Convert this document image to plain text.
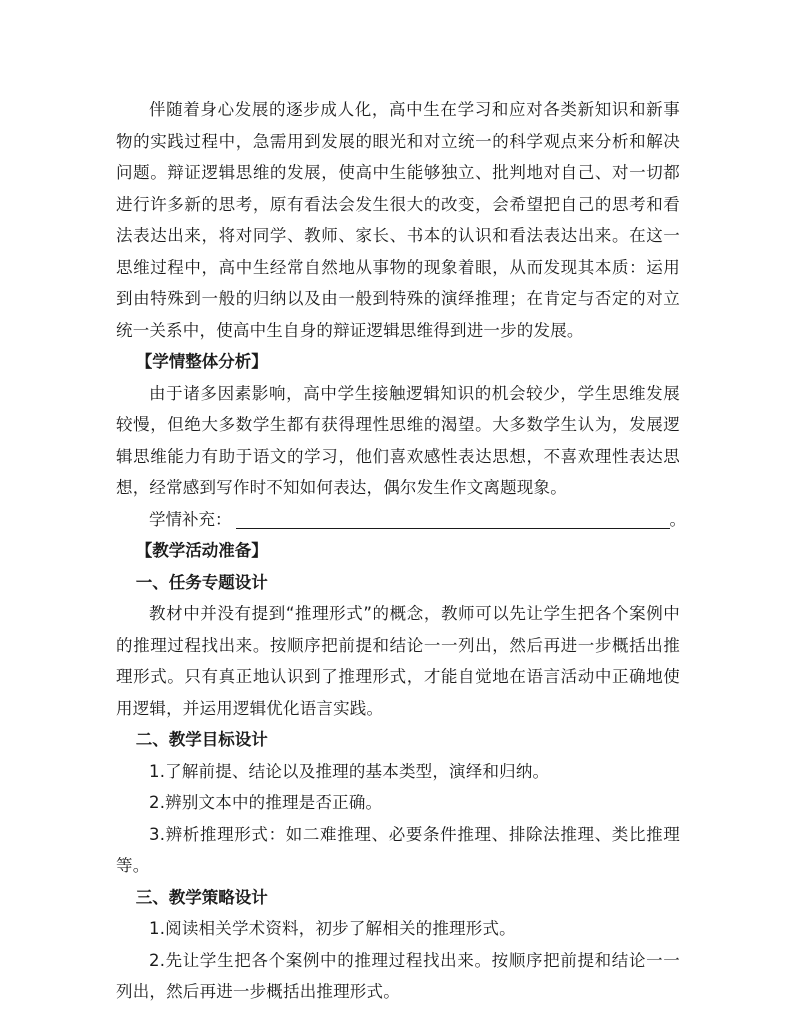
伴随着身心发展的逐步成人化，高中生在学习和应对各类新知识和新事物的实践过程中，急需用到发展的眼光和对立统一的科学观点来分析和解决问题。辩证逻辑思维的发展，使高中生能够独立、批判地对自己、对一切都进行许多新的思考，原有看法会发生很大的改变，会希望把自己的思考和看法表达出来，将对同学、教师、家长、书本的认识和看法表达出来。在这一思维过程中，高中生经常自然地从事物的现象着眼，从而发现其本质：运用到由特殊到一般的归纳以及由一般到特殊的演绎推理；在肯定与否定的对立统一关系中，使高中生自身的辩证逻辑思维得到进一步的发展。

【学情整体分析】

由于诸多因素影响，高中学生接触逻辑知识的机会较少，学生思维发展较慢，但绝大多数学生都有获得理性思维的渴望。大多数学生认为，发展逻辑思维能力有助于语文的学习，他们喜欢感性表达思想，不喜欢理性表达思想，经常感到写作时不知如何表达，偶尔发生作文离题现象。

学情补充：	。

【教学活动准备】

一、任务专题设计

教材中并没有提到“推理形式”的概念，教师可以先让学生把各个案例中的推理过程找出来。按顺序把前提和结论一一列出，然后再进一步概括出推理形式。只有真正地认识到了推理形式，才能自觉地在语言活动中正确地使用逻辑，并运用逻辑优化语言实践。

二、教学目标设计

1.了解前提、结论以及推理的基本类型，演绎和归纳。

2.辨别文本中的推理是否正确。

3.辨析推理形式：如二难推理、必要条件推理、排除法推理、类比推理等。

三、教学策略设计

1.阅读相关学术资料，初步了解相关的推理形式。

2.先让学生把各个案例中的推理过程找出来。按顺序把前提和结论一一列出，然后再进一步概括出推理形式。
